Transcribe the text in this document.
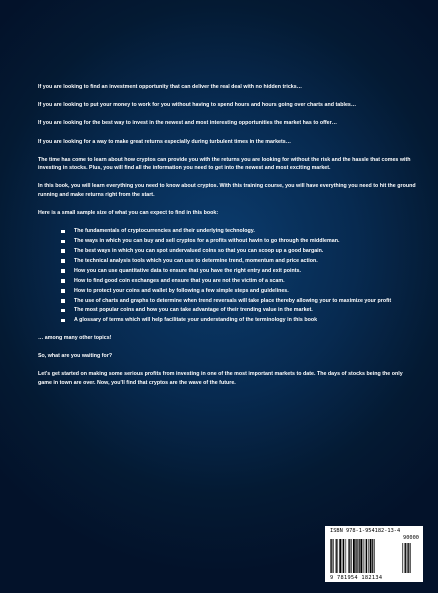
If you are looking to find an investment opportunity that can deliver the real deal with no hidden tricks…

If you are looking to put your money to work for you without having to spend hours and hours going over charts and tables…

If you are looking for the best way to invest in the newest and most interesting opportunities the market has to offer…

If you are looking for a way to make great returns especially during turbulent times in the markets…

The time has come to learn about how cryptos can provide you with the returns you are looking for without the risk and the hassle that comes with investing in stocks. Plus, you will find all the information you need to get into the newest and most exciting market.

In this book, you will learn everything you need to know about cryptos. With this training course, you will have everything you need to hit the ground running and make returns right from the start.

Here is a small sample size of what you can expect to find in this book:

The fundamentals of cryptocurrencies and their underlying technology.
The ways in which you can buy and sell cryptos for a profits without havin to go through the middleman.
The best ways in which you can spot undervalued coins so that you can scoop up a good bargain.
The technical analysis tools which you can use to determine trend, momentum and price action.
How you can use quantitative data to ensure that you have the right entry and exit points.
How to find good coin exchanges and ensure that you are not the victim of a scam.
How to protect your coins and wallet by following a few simple steps and guidelines.
The use of charts and graphs to determine when trend reversals will take place thereby allowing your to maximize your profit
The most popular coins and how you can take advantage of their trending value in the market.
A glossary of terms which will help facilitate your understanding of the terminology in this book

… among many other topics!

So, what are you waiting for?

Let's get started on making some serious profits from investing in one of the most important markets to date. The days of stocks being the only game in town are over. Now, you'll find that cryptos are the wave of the future.

ISBN 978-1-954182-13-4
90000
9 781954 182134
